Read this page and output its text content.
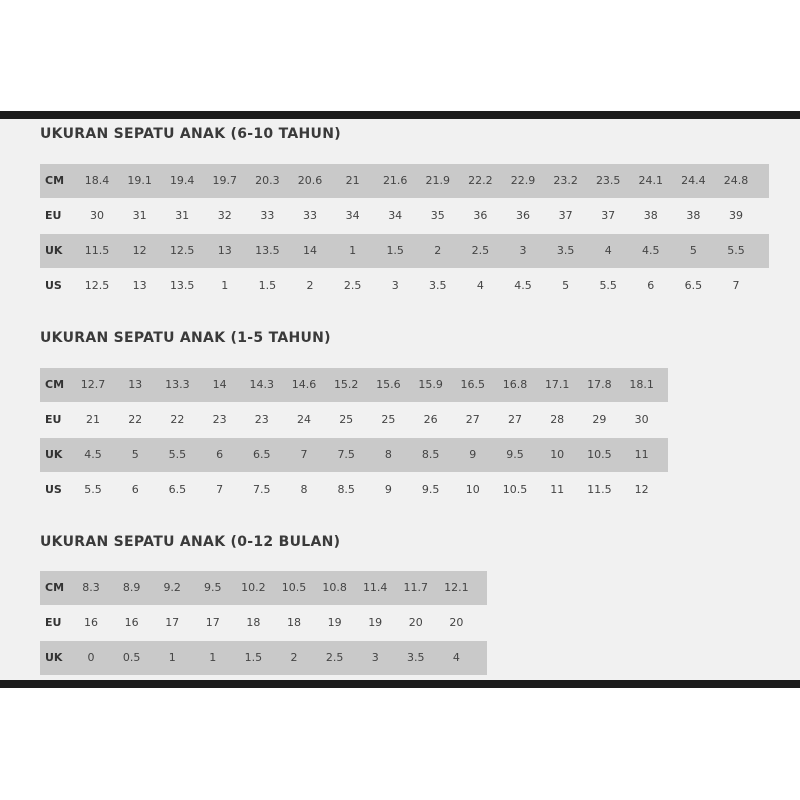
UKURAN SEPATU ANAK (6-10 TAHUN)
CM	18.4	19.1	19.4	19.7	20.3	20.6	21	21.6	21.9	22.2	22.9	23.2	23.5	24.1	24.4	24.8
EU	30	31	31	32	33	33	34	34	35	36	36	37	37	38	38	39
UK	11.5	12	12.5	13	13.5	14	1	1.5	2	2.5	3	3.5	4	4.5	5	5.5
US	12.5	13	13.5	1	1.5	2	2.5	3	3.5	4	4.5	5	5.5	6	6.5	7
UKURAN SEPATU ANAK (1-5 TAHUN)
CM	12.7	13	13.3	14	14.3	14.6	15.2	15.6	15.9	16.5	16.8	17.1	17.8	18.1
EU	21	22	22	23	23	24	25	25	26	27	27	28	29	30
UK	4.5	5	5.5	6	6.5	7	7.5	8	8.5	9	9.5	10	10.5	11
US	5.5	6	6.5	7	7.5	8	8.5	9	9.5	10	10.5	11	11.5	12
UKURAN SEPATU ANAK (0-12 BULAN)
CM	8.3	8.9	9.2	9.5	10.2	10.5	10.8	11.4	11.7	12.1
EU	16	16	17	17	18	18	19	19	20	20
UK	0	0.5	1	1	1.5	2	2.5	3	3.5	4
